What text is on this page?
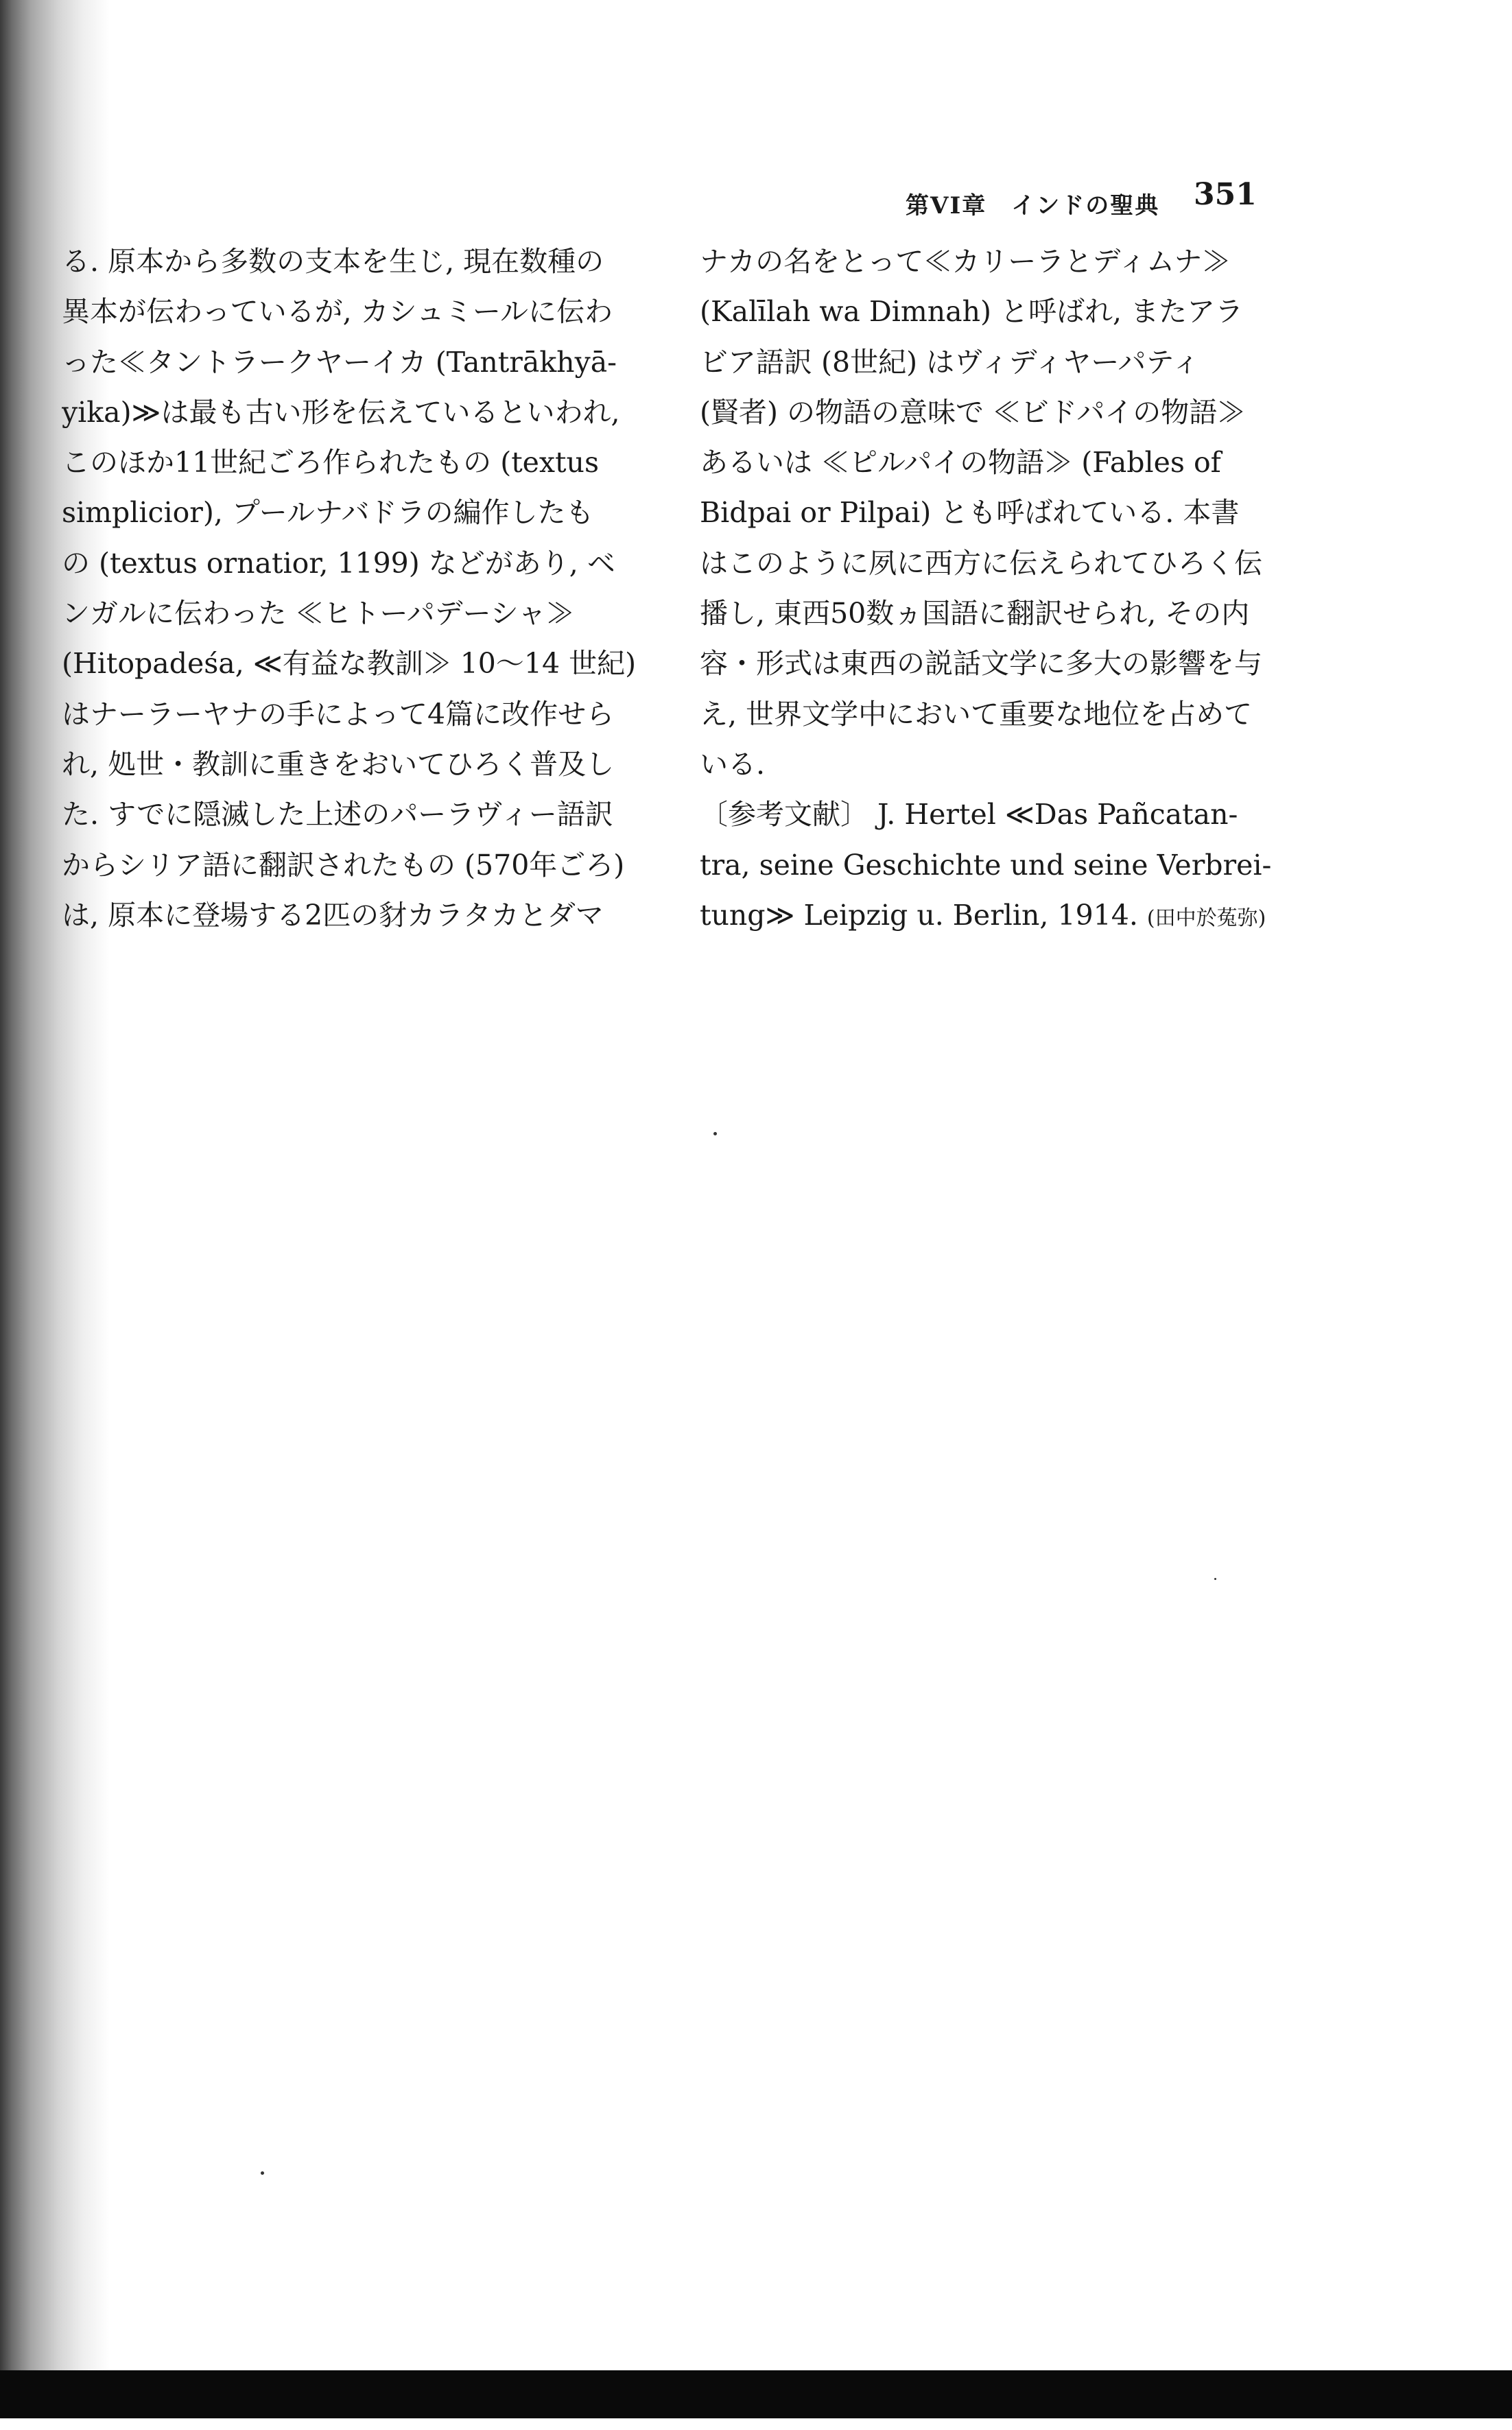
第VI章　インドの聖典 351
る. 原本から多数の支本を生じ, 現在数種の
異本が伝わっているが, カシュミールに伝わ
った≪タントラークヤーイカ (Tantrākhyā-
yika)≫は最も古い形を伝えているといわれ,
このほか11世紀ごろ作られたもの (textus
simplicior), プールナバドラの編作したも
の (textus ornatior, 1199) などがあり, ベ
ンガルに伝わった ≪ヒトーパデーシャ≫
(Hitopadeśa, ≪有益な教訓≫ 10～14 世紀)
はナーラーヤナの手によって4篇に改作せら
れ, 処世・教訓に重きをおいてひろく普及し
た. すでに隠滅した上述のパーラヴィー語訳
からシリア語に翻訳されたもの (570年ごろ)
は, 原本に登場する2匹の豺カラタカとダマ
ナカの名をとって≪カリーラとディムナ≫
(Kalīlah wa Dimnah) と呼ばれ, またアラ
ビア語訳 (8世紀) はヴィディヤーパティ
(賢者) の物語の意味で ≪ビドパイの物語≫
あるいは ≪ピルパイの物語≫ (Fables of
Bidpai or Pilpai) とも呼ばれている. 本書
はこのように夙に西方に伝えられてひろく伝
播し, 東西50数ヵ国語に翻訳せられ, その内
容・形式は東西の説話文学に多大の影響を与
え, 世界文学中において重要な地位を占めて
いる.
〔参考文献〕 J. Hertel ≪Das Pañcatan-
tra, seine Geschichte und seine Verbrei-
tung≫ Leipzig u. Berlin, 1914. (田中於菟弥)
